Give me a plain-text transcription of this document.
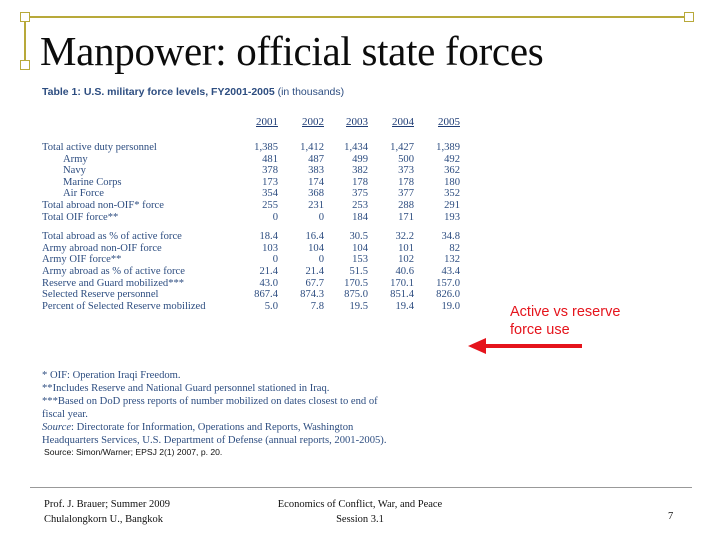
Manpower: official state forces
Table 1: U.S. military force levels, FY2001-2005 (in thousands)
2001	2002	2003	2004	2005
Total active duty personnel	1,385	1,412	1,434	1,427	1,389
Army	481	487	499	500	492
Navy	378	383	382	373	362
Marine Corps	173	174	178	178	180
Air Force	354	368	375	377	352
Total abroad non-OIF* force	255	231	253	288	291
Total OIF force**	0	0	184	171	193
Total abroad as % of active force	18.4	16.4	30.5	32.2	34.8
Army abroad non-OIF force	103	104	104	101	82
Army OIF force**	0	0	153	102	132
Army abroad as % of active force	21.4	21.4	51.5	40.6	43.4
Reserve and Guard mobilized***	43.0	67.7	170.5	170.1	157.0
Selected Reserve personnel	867.4	874.3	875.0	851.4	826.0
Percent of Selected Reserve mobilized	5.0	7.8	19.5	19.4	19.0
* OIF: Operation Iraqi Freedom.
**Includes Reserve and National Guard personnel stationed in Iraq.
***Based on DoD press reports of number mobilized on dates closest to end of
fiscal year.
Source: Directorate for Information, Operations and Reports, Washington
Headquarters Services, U.S. Department of Defense (annual reports, 2001-2005).
Source: Simon/Warner; EPSJ 2(1) 2007, p. 20.
Active vs reserve
force use
Prof. J. Brauer; Summer 2009
Chulalongkorn U., Bangkok
Economics of Conflict, War, and Peace
Session 3.1	7
